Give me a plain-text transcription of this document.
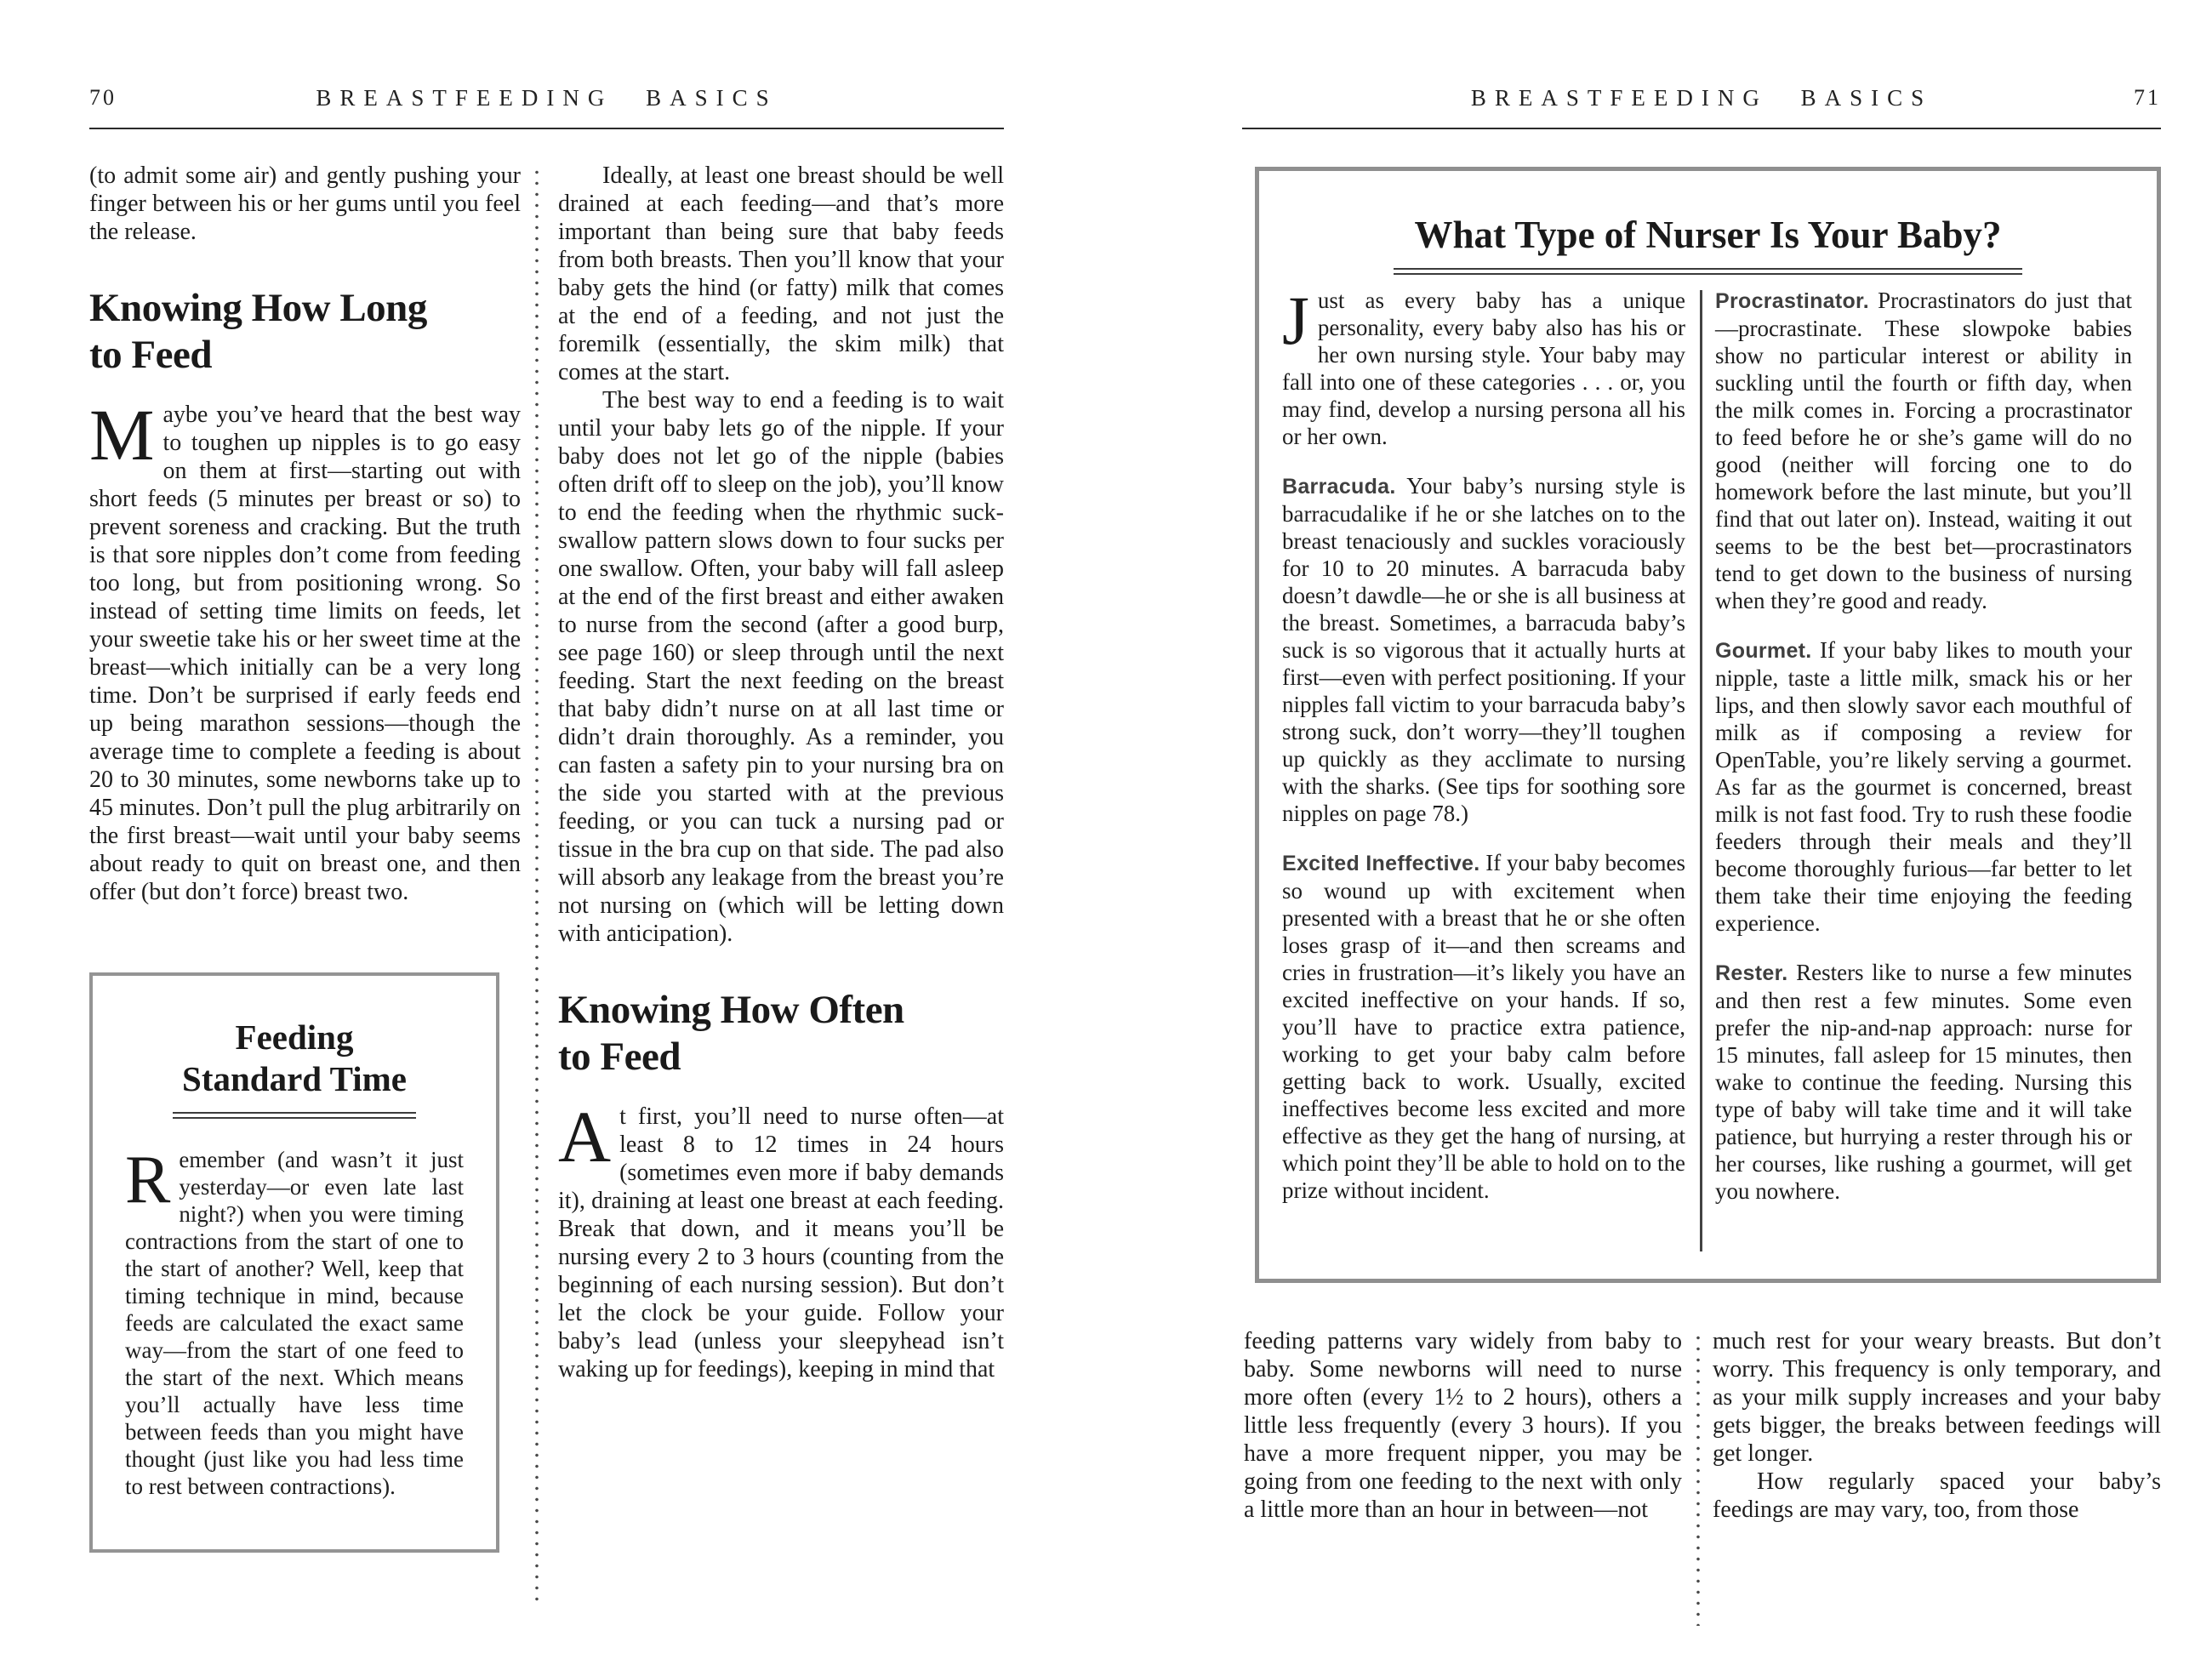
70	BREASTFEEDING BASICS

(to admit some air) and gently pushing your finger between his or her gums until you feel the release.

Knowing How Long
to Feed

Maybe you’ve heard that the best way to toughen up nipples is to go easy on them at first—starting out with short feeds (5 minutes per breast or so) to prevent soreness and cracking. But the truth is that sore nipples don’t come from feeding too long, but from positioning wrong. So instead of setting time limits on feeds, let your sweetie take his or her sweet time at the breast—which initially can be a very long time. Don’t be surprised if early feeds end up being marathon sessions—though the average time to complete a feeding is about 20 to 30 minutes, some newborns take up to 45 minutes. Don’t pull the plug arbitrarily on the first breast—wait until your baby seems about ready to quit on breast one, and then offer (but don’t force) breast two.

Feeding
Standard Time

Remember (and wasn’t it just yesterday—or even late last night?) when you were timing contractions from the start of one to the start of another? Well, keep that timing technique in mind, because feeds are calculated the exact same way—from the start of one feed to the start of the next. Which means you’ll actually have less time between feeds than you might have thought (just like you had less time to rest between contractions).

Ideally, at least one breast should be well drained at each feeding—and that’s more important than being sure that baby feeds from both breasts. Then you’ll know that your baby gets the hind (or fatty) milk that comes at the end of a feeding, and not just the foremilk (essentially, the skim milk) that comes at the start.

The best way to end a feeding is to wait until your baby lets go of the nipple. If your baby does not let go of the nipple (babies often drift off to sleep on the job), you’ll know to end the feeding when the rhythmic suck-swallow pattern slows down to four sucks per one swallow. Often, your baby will fall asleep at the end of the first breast and either awaken to nurse from the second (after a good burp, see page 160) or sleep through until the next feeding. Start the next feeding on the breast that baby didn’t nurse on at all last time or didn’t drain thoroughly. As a reminder, you can fasten a safety pin to your nursing bra on the side you started with at the previous feeding, or you can tuck a nursing pad or tissue in the bra cup on that side. The pad also will absorb any leakage from the breast you’re not nursing on (which will be letting down with anticipation).

Knowing How Often
to Feed

At first, you’ll need to nurse often—at least 8 to 12 times in 24 hours (sometimes even more if baby demands it), draining at least one breast at each feeding. Break that down, and it means you’ll be nursing every 2 to 3 hours (counting from the beginning of each nursing session). But don’t let the clock be your guide. Follow your baby’s lead (unless your sleepyhead isn’t waking up for feedings), keeping in mind that

BREASTFEEDING BASICS	71
What Type of Nurser Is Your Baby?

Just as every baby has a unique personality, every baby also has his or her own nursing style. Your baby may fall into one of these categories . . . or, you may find, develop a nursing persona all his or her own.

Barracuda. Your baby’s nursing style is barracudalike if he or she latches on to the breast tenaciously and suckles voraciously for 10 to 20 minutes. A barracuda baby doesn’t dawdle—he or she is all business at the breast. Sometimes, a barracuda baby’s suck is so vigorous that it actually hurts at first—even with perfect positioning. If your nipples fall victim to your barracuda baby’s strong suck, don’t worry—they’ll toughen up quickly as they acclimate to nursing with the sharks. (See tips for soothing sore nipples on page 78.)

Excited Ineffective. If your baby becomes so wound up with excitement when presented with a breast that he or she often loses grasp of it—and then screams and cries in frustration—it’s likely you have an excited ineffective on your hands. If so, you’ll have to practice extra patience, working to get your baby calm before getting back to work. Usually, excited ineffectives become less excited and more effective as they get the hang of nursing, at which point they’ll be able to hold on to the prize without incident.

Procrastinator. Procrastinators do just that—procrastinate. These slowpoke babies show no particular interest or ability in suckling until the fourth or fifth day, when the milk comes in. Forcing a procrastinator to feed before he or she’s game will do no good (neither will forcing one to do homework before the last minute, but you’ll find that out later on). Instead, waiting it out seems to be the best bet—procrastinators tend to get down to the business of nursing when they’re good and ready.

Gourmet. If your baby likes to mouth your nipple, taste a little milk, smack his or her lips, and then slowly savor each mouthful of milk as if composing a review for OpenTable, you’re likely serving a gourmet. As far as the gourmet is concerned, breast milk is not fast food. Try to rush these foodie feeders through their meals and they’ll become thoroughly furious—far better to let them take their time enjoying the feeding experience.

Rester. Resters like to nurse a few minutes and then rest a few minutes. Some even prefer the nip-and-nap approach: nurse for 15 minutes, fall asleep for 15 minutes, then wake to continue the feeding. Nursing this type of baby will take time and it will take patience, but hurrying a rester through his or her courses, like rushing a gourmet, will get you nowhere.

feeding patterns vary widely from baby to baby. Some newborns will need to nurse more often (every 1½ to 2 hours), others a little less frequently (every 3 hours). If you have a more frequent nipper, you may be going from one feeding to the next with only a little more than an hour in between—not

much rest for your weary breasts. But don’t worry. This frequency is only temporary, and as your milk supply increases and your baby gets bigger, the breaks between feedings will get longer.

How regularly spaced your baby’s feedings are may vary, too, from those
